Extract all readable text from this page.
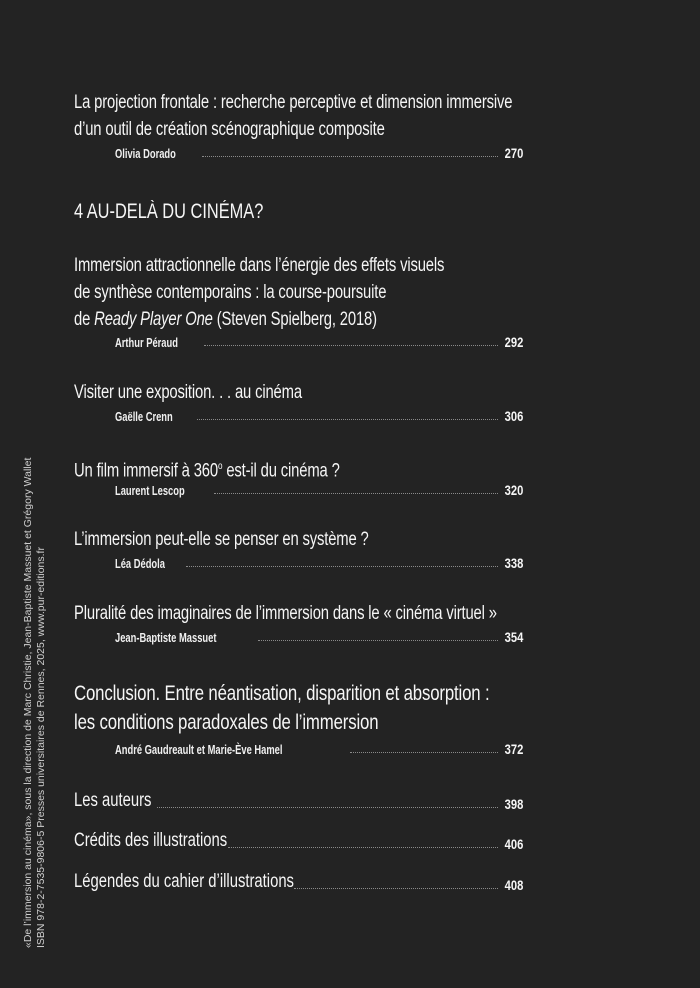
La projection frontale : recherche perceptive et dimension immersive
d’un outil de création scénographique composite
Olivia Dorado	270
4 AU-DELÀ DU CINÉMA?
Immersion attractionnelle dans l’énergie des effets visuels
de synthèse contemporains : la course-poursuite
de Ready Player One (Steven Spielberg, 2018)
Arthur Péraud	292
Visiter une exposition. . . au cinéma
Gaëlle Crenn	306
Un film immersif à 360$^o$ est-il du cinéma ?
Laurent Lescop	320
L’immersion peut-elle se penser en système ?
Léa Dédola	338
Pluralité des imaginaires de l’immersion dans le « cinéma virtuel »
Jean-Baptiste Massuet	354
Conclusion. Entre néantisation, disparition et absorption :
les conditions paradoxales de l’immersion
André Gaudreault et Marie-Ève Hamel	372
Les auteurs	398
Crédits des illustrations	406
Légendes du cahier d’illustrations	408
«De l’immersion au cinéma», sous la direction de Marc Christie, Jean-Baptiste Massuet et Grégory Wallet ISBN 978-2-7535-9806-5 Presses universitaires de Rennes, 2025, www.pur-editions.fr
